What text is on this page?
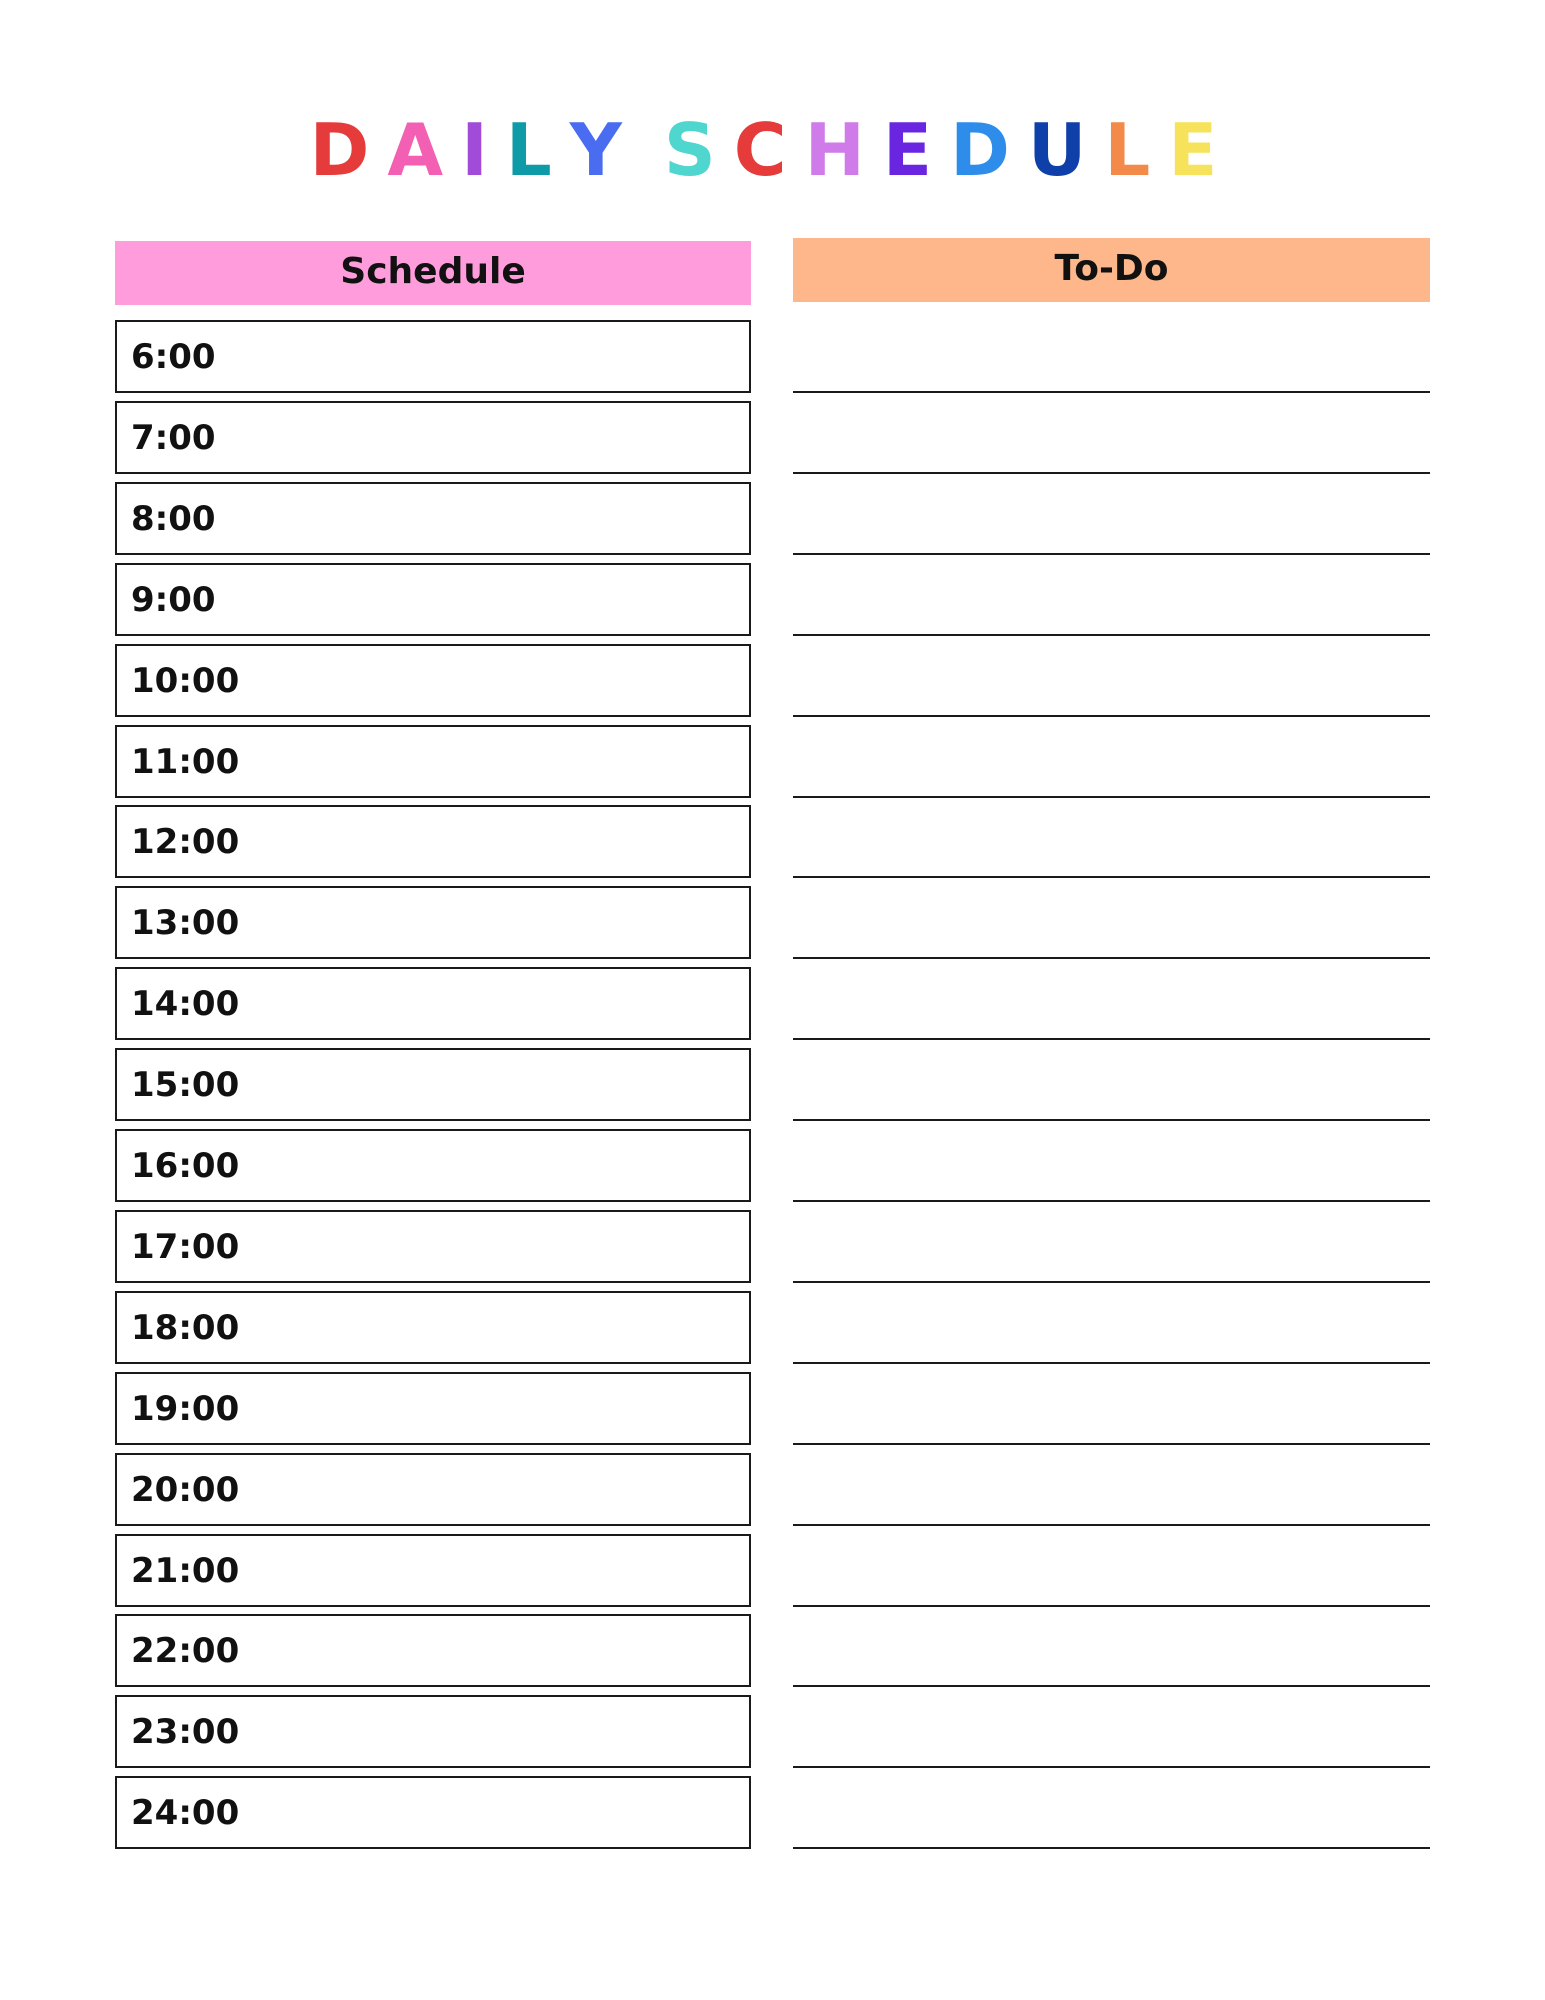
D A I L Y S C H E D U L E
Schedule	To-Do
6:00
7:00
8:00
9:00
10:00
11:00
12:00
13:00
14:00
15:00
16:00
17:00
18:00
19:00
20:00
21:00
22:00
23:00
24:00
